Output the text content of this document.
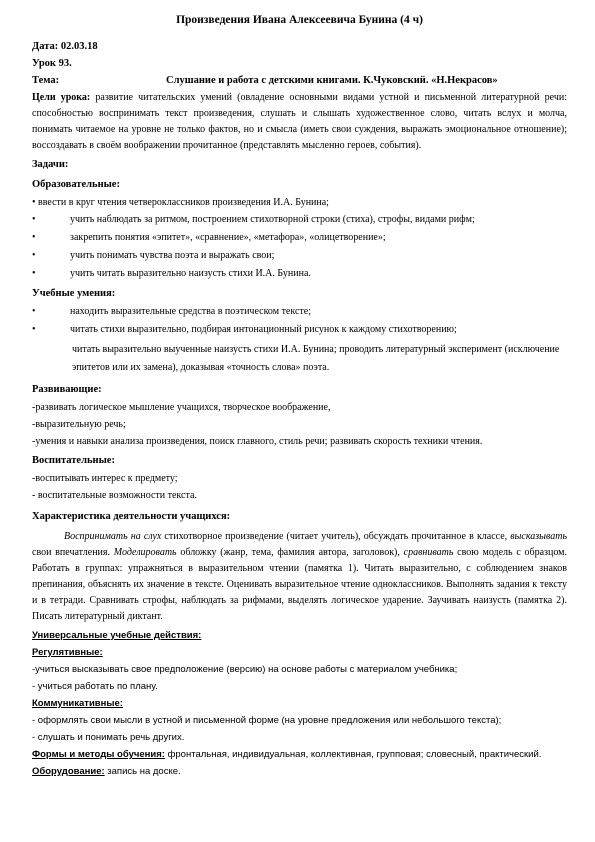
Произведения Ивана Алексеевича Бунина (4 ч)
Дата: 02.03.18
Урок 93.
Тема:	Слушание и работа с детскими книгами. К.Чуковский. «Н.Некрасов»

Цели урока: развитие читательских умений (овладение основными видами устной и письменной литературной речи: способностью воспринимать текст произведения, слушать и слышать художественное слово, читать вслух и молча, понимать читаемое на уровне не только фактов, но и смысла (иметь свои суждения, выражать эмоциональное отношение); воссоздавать в своём воображении прочитанное (представлять мысленно героев, события).

Задачи:
Образовательные:
• ввести в круг чтения четвероклассников произведения И.А. Бунина;
• учить наблюдать за ритмом, построением стихотворной строки (стиха), строфы, видами рифм;
• закрепить понятия «эпитет», «сравнение», «метафора», «олицетворение»;
• учить понимать чувства поэта и выражать свои;
• учить читать выразительно наизусть стихи И.А. Бунина.
Учебные умения:
• находить выразительные средства в поэтическом тексте;
• читать стихи выразительно, подбирая интонационный рисунок к каждому стихотворению;
читать выразительно выученные наизусть стихи И.А. Бунина; проводить литературный эксперимент (исключение эпитетов или их замена), доказывая «точность слова» поэта.
Развивающие:
-развивать логическое мышление учащихся, творческое воображение,
-выразительную речь;
-умения и навыки анализа произведения, поиск главного, стиль речи; развивать скорость техники чтения.
Воспитательные:
-воспитывать интерес к предмету;
- воспитательные возможности текста.
Характеристика деятельности учащихся:

Воспринимать на слух стихотворное произведение (читает учитель), обсуждать прочитанное в классе, высказывать свои впечатления. Моделировать обложку (жанр, тема, фамилия автора, заголовок), сравнивать свою модель с образцом. Работать в группах: упражняться в выразительном чтении (памятка 1). Читать выразительно, с соблюдением знаков препинания, объяснять их значение в тексте. Оценивать выразительное чтение одноклассников. Выполнять задания к тексту и в тетради. Сравнивать строфы, наблюдать за рифмами, выделять логическое ударение. Заучивать наизусть (памятка 2). Писать литературный диктант.

Универсальные учебные действия:
Регулятивные:
-учиться высказывать свое предположение (версию) на основе работы с материалом учебника;
- учиться работать по плану.
Коммуникативные:
- оформлять свои мысли в устной и письменной форме (на уровне предложения или небольшого текста);
- слушать и понимать речь других.
Формы и методы обучения: фронтальная, индивидуальная, коллективная, групповая; словесный, практический.
Оборудование: запись на доске.
